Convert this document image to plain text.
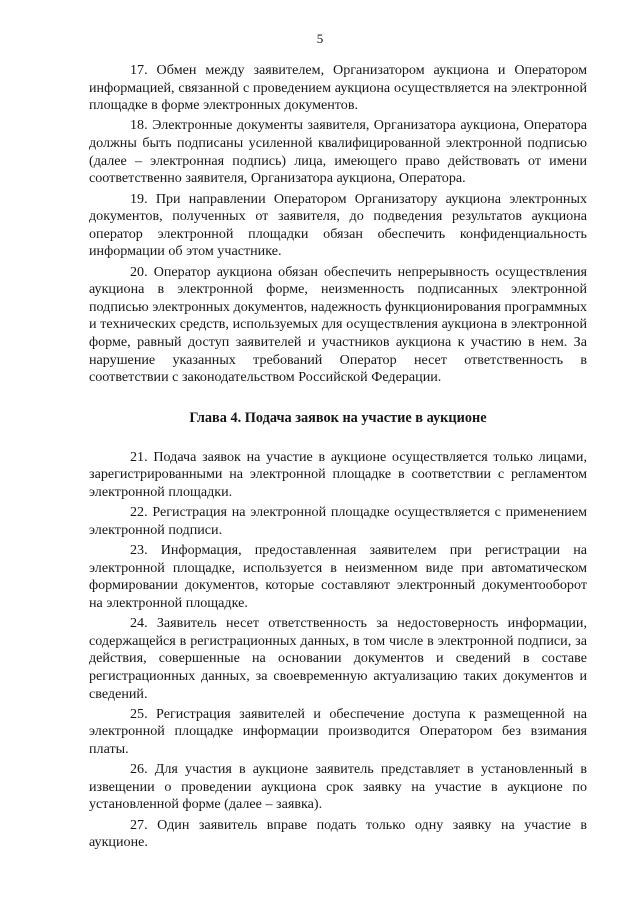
5

17. Обмен между заявителем, Организатором аукциона и Оператором информацией, связанной с проведением аукциона осуществляется на электронной площадке в форме электронных документов.

18. Электронные документы заявителя, Организатора аукциона, Оператора должны быть подписаны усиленной квалифицированной электронной подписью (далее – электронная подпись) лица, имеющего право действовать от имени соответственно заявителя, Организатора аукциона, Оператора.

19. При направлении Оператором Организатору аукциона электронных документов, полученных от заявителя, до подведения результатов аукциона оператор электронной площадки обязан обеспечить конфиденциальность информации об этом участнике.

20. Оператор аукциона обязан обеспечить непрерывность осуществления аукциона в электронной форме, неизменность подписанных электронной подписью электронных документов, надежность функционирования программных и технических средств, используемых для осуществления аукциона в электронной форме, равный доступ заявителей и участников аукциона к участию в нем. За нарушение указанных требований Оператор несет ответственность в соответствии с законодательством Российской Федерации.

Глава 4. Подача заявок на участие в аукционе

21. Подача заявок на участие в аукционе осуществляется только лицами, зарегистрированными на электронной площадке в соответствии с регламентом электронной площадки.

22. Регистрация на электронной площадке осуществляется с применением электронной подписи.

23. Информация, предоставленная заявителем при регистрации на электронной площадке, используется в неизменном виде при автоматическом формировании документов, которые составляют электронный документооборот на электронной площадке.

24. Заявитель несет ответственность за недостоверность информации, содержащейся в регистрационных данных, в том числе в электронной подписи, за действия, совершенные на основании документов и сведений в составе регистрационных данных, за своевременную актуализацию таких документов и сведений.

25. Регистрация заявителей и обеспечение доступа к размещенной на электронной площадке информации производится Оператором без взимания платы.

26. Для участия в аукционе заявитель представляет в установленный в извещении о проведении аукциона срок заявку на участие в аукционе по установленной форме (далее – заявка).

27. Один заявитель вправе подать только одну заявку на участие в аукционе.
